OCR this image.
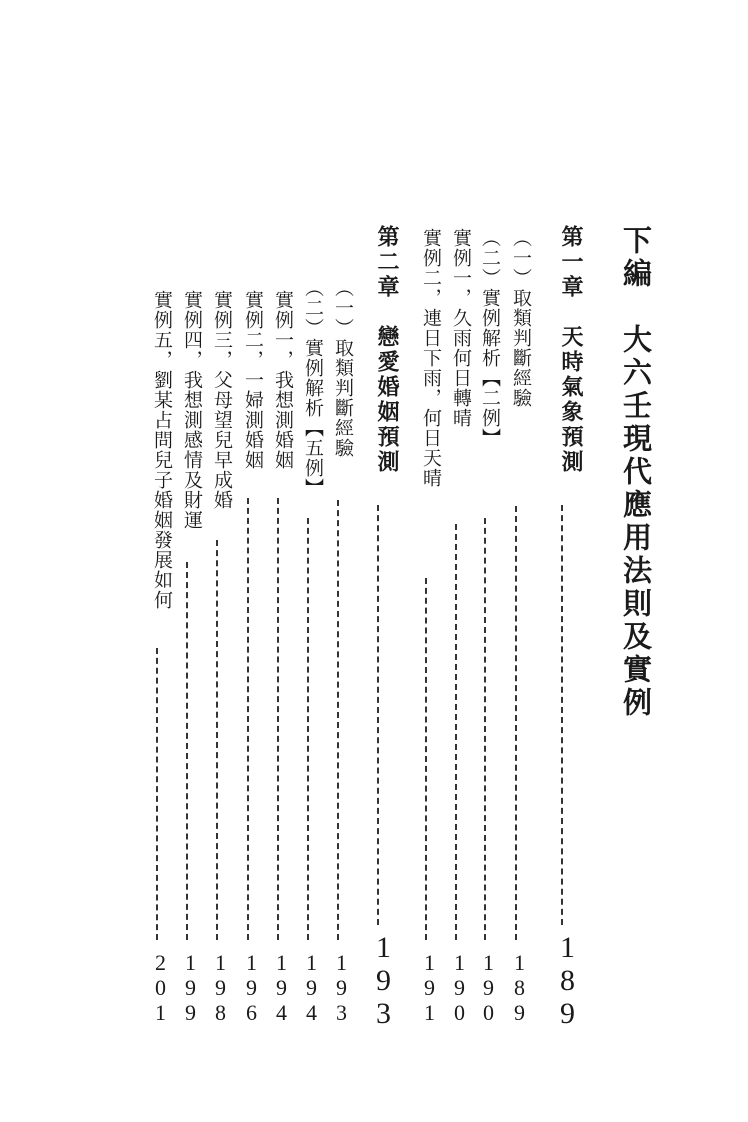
下編　大六壬現代應用法則及實例
第一章　天時氣象預測
189
（一）取類判斷經驗
189
（二）實例解析【二例】
190
實例一，久雨何日轉晴
190
實例二，連日下雨，何日天晴
191
第二章　戀愛婚姻預測
193
（一）取類判斷經驗
193
（二）實例解析【五例】
194
實例一，我想測婚姻
194
實例二，一婦測婚姻
196
實例三，父母望兒早成婚
198
實例四，我想測感情及財運
199
實例五，劉某占問兒子婚姻發展如何
201
